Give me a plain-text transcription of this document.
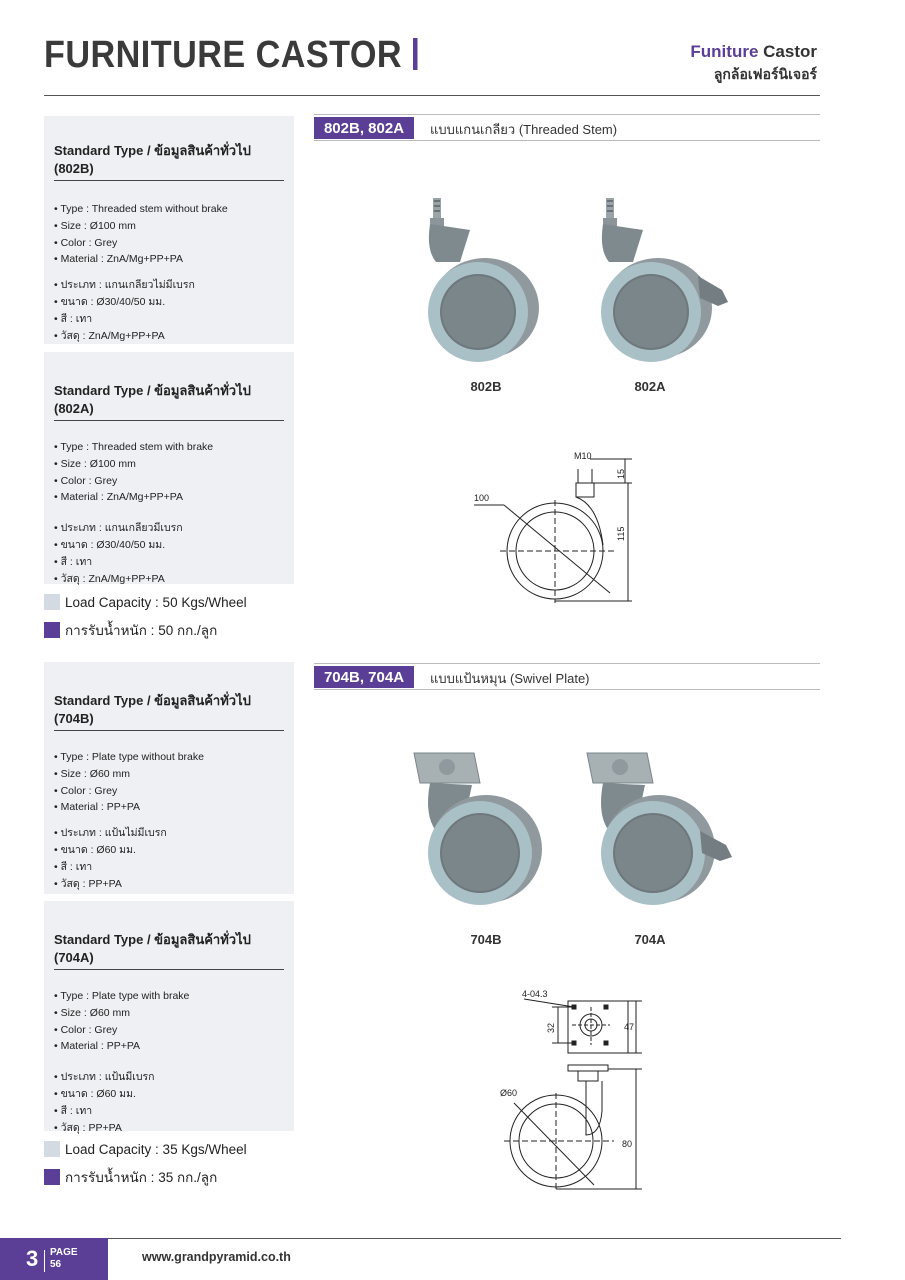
FURNITURE CASTOR	Funiture Castor
ลูกล้อเฟอร์นิเจอร์
Standard Type / ข้อมูลสินค้าทั่วไป (802B)
• Type : Threaded stem without brake
• Size : Ø100 mm
• Color : Grey
• Material : ZnA/Mg+PP+PA
• ประเภท : แกนเกลียวไม่มีเบรก
• ขนาด : Ø30/40/50 มม.
• สี : เทา
• วัสดุ : ZnA/Mg+PP+PA
Standard Type / ข้อมูลสินค้าทั่วไป (802A)
• Type : Threaded stem with brake
• Size : Ø100 mm
• Color : Grey
• Material : ZnA/Mg+PP+PA
• ประเภท : แกนเกลียวมีเบรก
• ขนาด : Ø30/40/50 มม.
• สี : เทา
• วัสดุ : ZnA/Mg+PP+PA
Load Capacity : 50 Kgs/Wheel
การรับน้ำหนัก : 50 กก./ลูก
802B, 802A	แบบแกนเกลียว (Threaded Stem)
802B	802A
M10
100
15
115
704B, 704A	แบบแป้นหมุน (Swivel Plate)
Standard Type / ข้อมูลสินค้าทั่วไป (704B)
• Type : Plate type without brake
• Size : Ø60 mm
• Color : Grey
• Material : PP+PA
• ประเภท : แป้นไม่มีเบรก
• ขนาด : Ø60 มม.
• สี : เทา
• วัสดุ : PP+PA
Standard Type / ข้อมูลสินค้าทั่วไป (704A)
• Type : Plate type with brake
• Size : Ø60 mm
• Color : Grey
• Material : PP+PA
• ประเภท : แป้นมีเบรก
• ขนาด : Ø60 มม.
• สี : เทา
• วัสดุ : PP+PA
Load Capacity : 35 Kgs/Wheel
การรับน้ำหนัก : 35 กก./ลูก
704B	704A
4-04.3
32	47
Ø60
80
3 PAGE
56
www.grandpyramid.co.th
